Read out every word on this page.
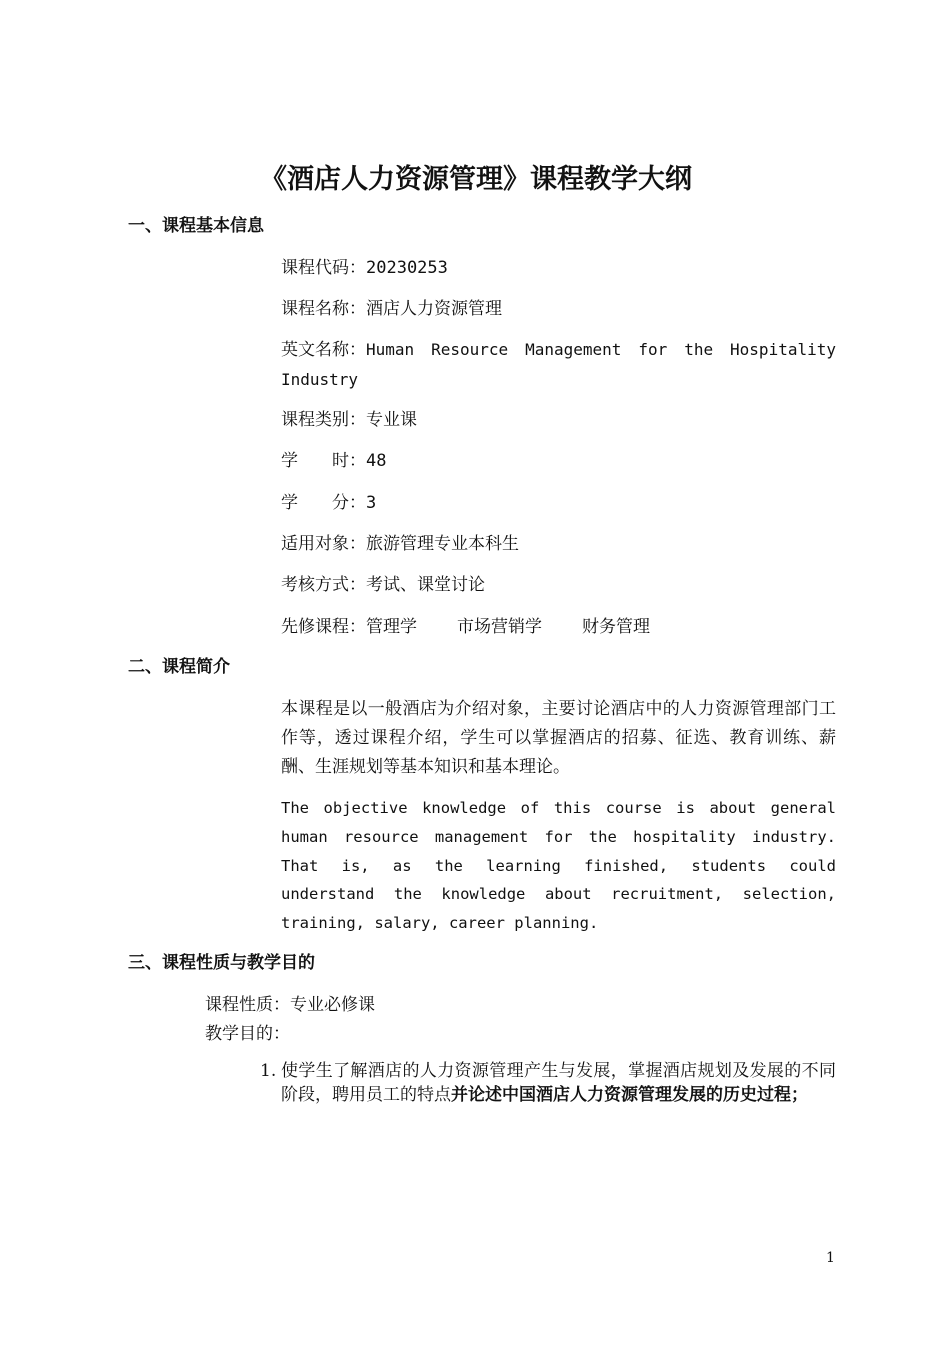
《酒店人力资源管理》课程教学大纲
一、课程基本信息
课程代码：20230253
课程名称：酒店人力资源管理
英文名称：Human Resource Management for the Hospitality Industry
课程类别：专业课
学　　时：48
学　　分：3
适用对象：旅游管理专业本科生
考核方式：考试、课堂讨论
先修课程：管理学 市场营销学 财务管理
二、课程简介
本课程是以一般酒店为介绍对象，主要讨论酒店中的人力资源管理部门工作等，透过课程介绍，学生可以掌握酒店的招募、征选、教育训练、薪酬、生涯规划等基本知识和基本理论。
The objective knowledge of this course is about general human resource management for the hospitality industry. That is, as the learning finished, students could understand the knowledge about recruitment, selection, training, salary, career planning.
三、课程性质与教学目的
课程性质：专业必修课
教学目的：
1. 使学生了解酒店的人力资源管理产生与发展，掌握酒店规划及发展的不同阶段，聘用员工的特点并论述中国酒店人力资源管理发展的历史过程；
1
